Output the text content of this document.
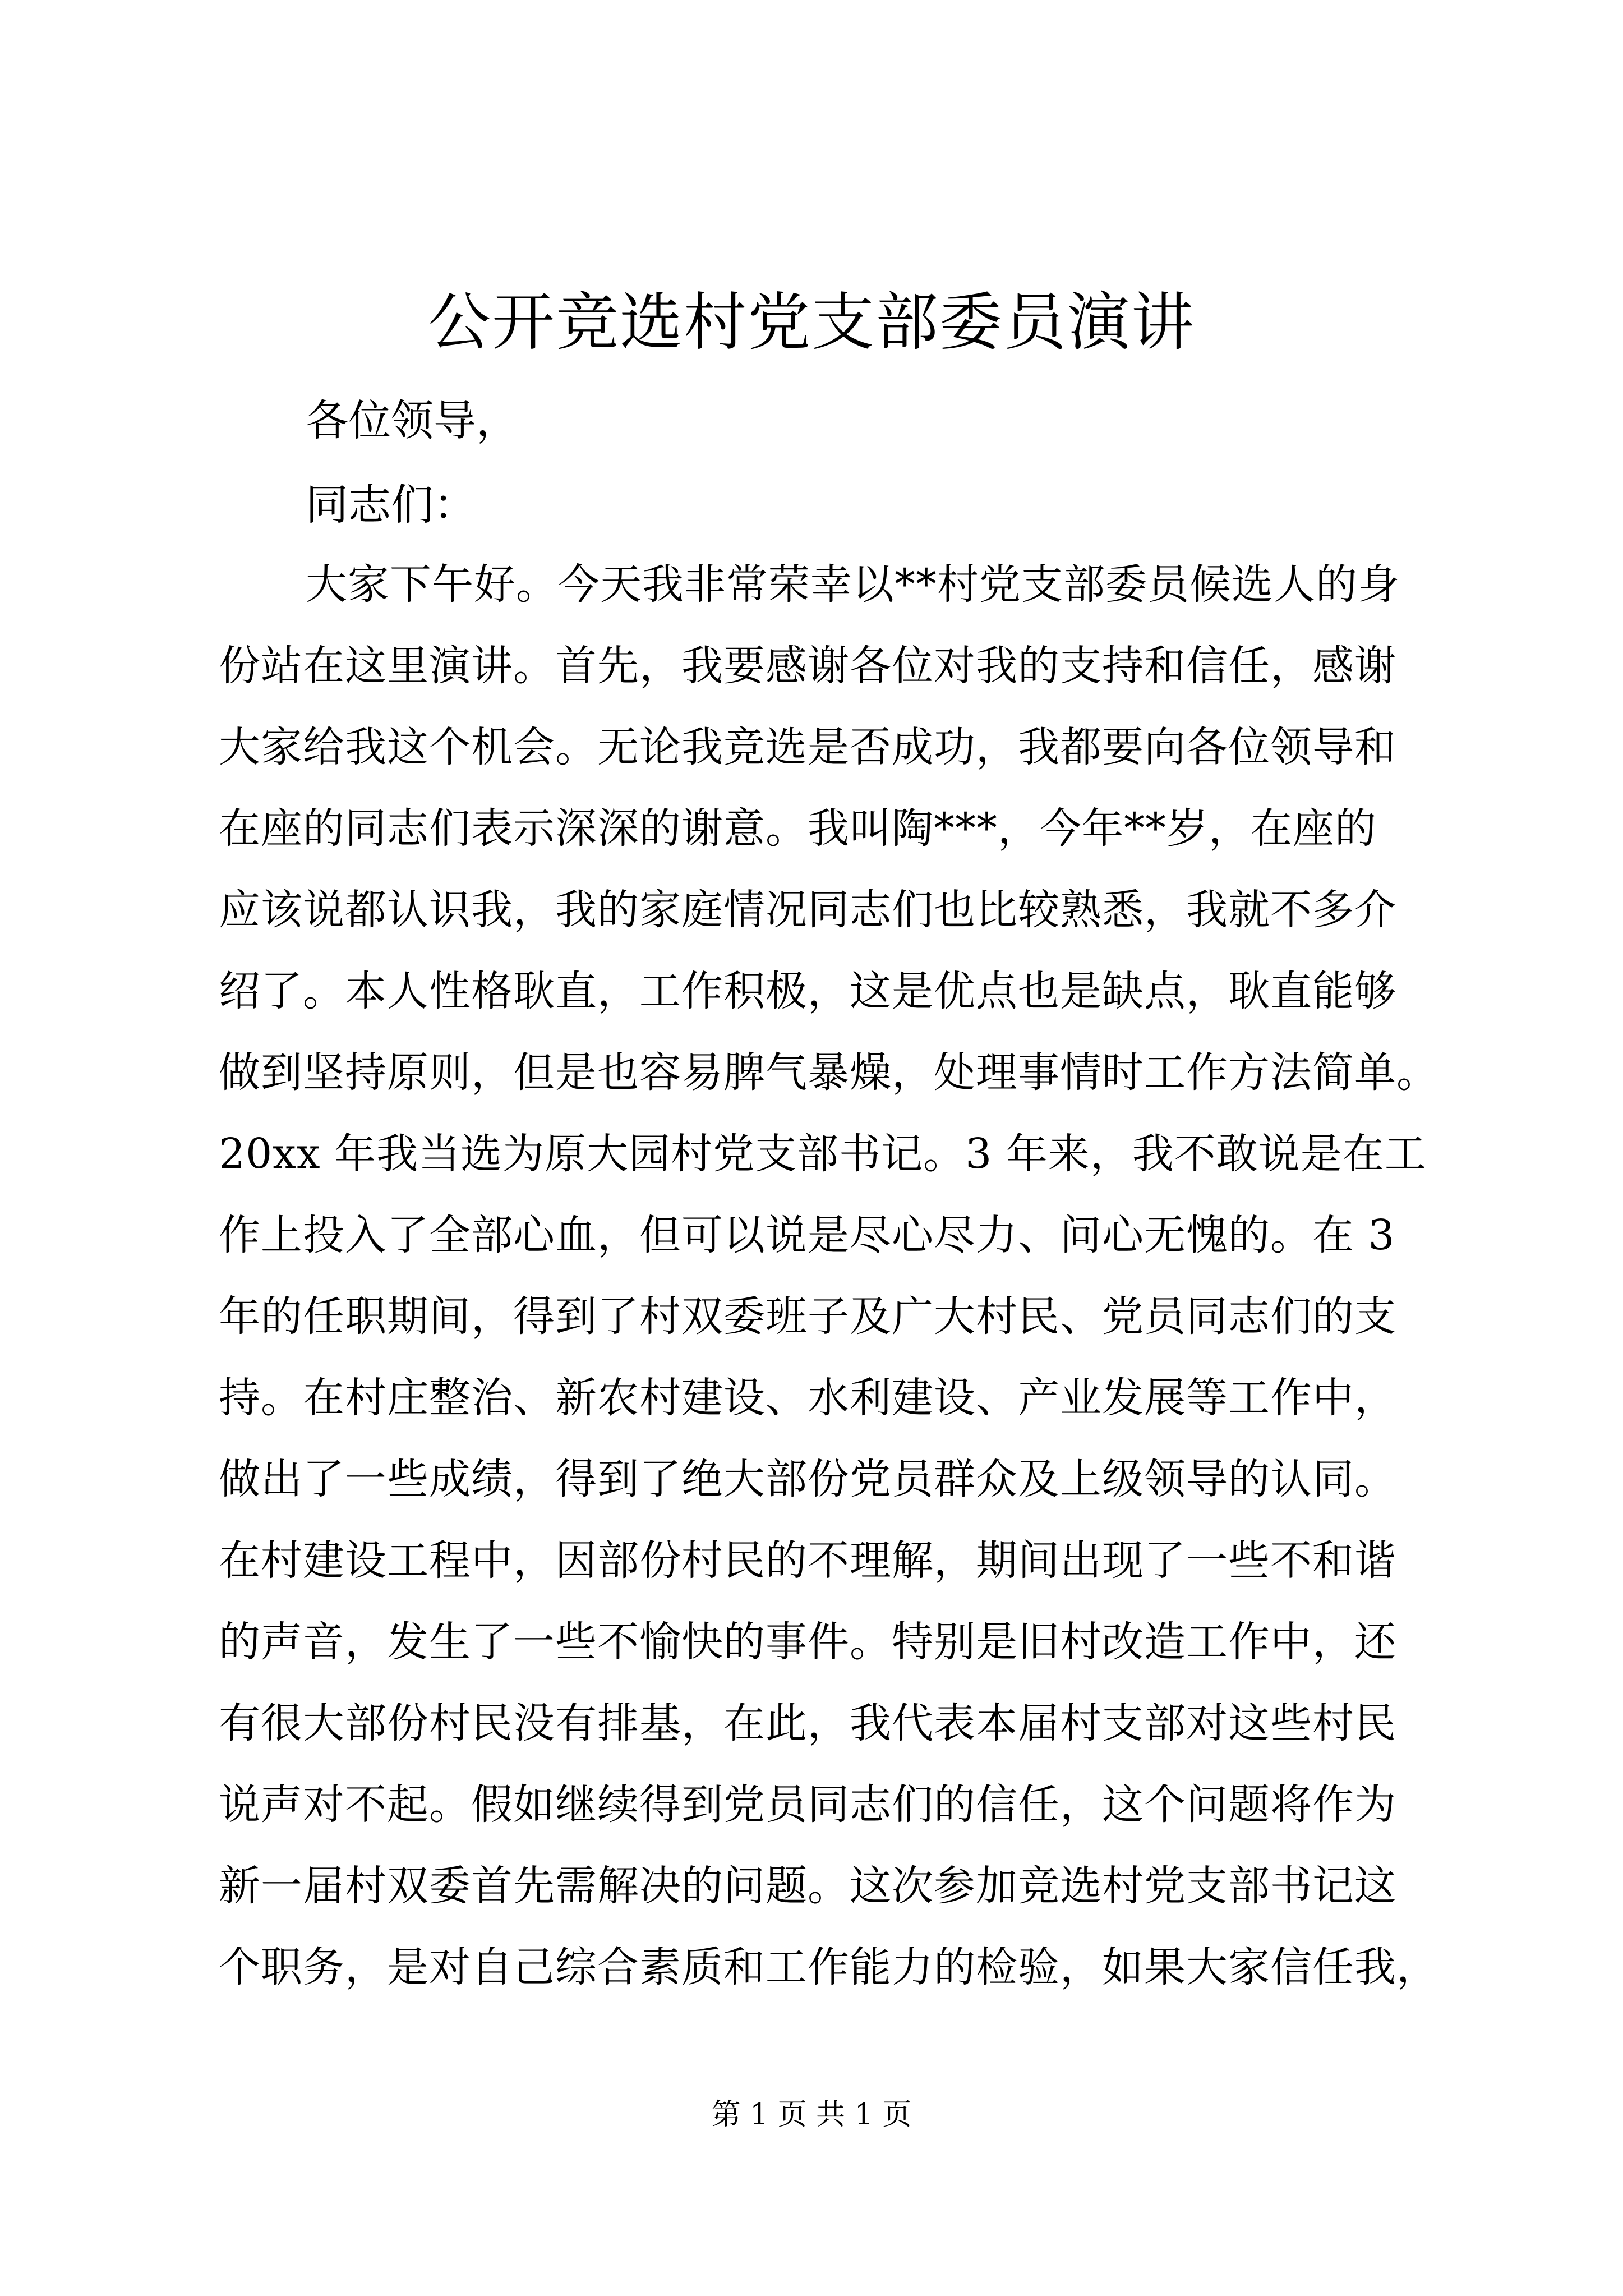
公开竞选村党支部委员演讲

各位领导，

同志们：

大家下午好。今天我非常荣幸以**村党支部委员候选人的身
份站在这里演讲。首先，我要感谢各位对我的支持和信任，感谢
大家给我这个机会。无论我竞选是否成功，我都要向各位领导和
在座的同志们表示深深的谢意。我叫陶***，今年**岁，在座的
应该说都认识我，我的家庭情况同志们也比较熟悉，我就不多介
绍了。本人性格耿直，工作积极，这是优点也是缺点，耿直能够
做到坚持原则，但是也容易脾气暴燥，处理事情时工作方法简单。
20xx 年我当选为原大园村党支部书记。3 年来，我不敢说是在工
作上投入了全部心血，但可以说是尽心尽力、问心无愧的。在 3
年的任职期间，得到了村双委班子及广大村民、党员同志们的支
持。在村庄整治、新农村建设、水利建设、产业发展等工作中，
做出了一些成绩，得到了绝大部份党员群众及上级领导的认同。
在村建设工程中，因部份村民的不理解，期间出现了一些不和谐
的声音，发生了一些不愉快的事件。特别是旧村改造工作中，还
有很大部份村民没有排基，在此，我代表本届村支部对这些村民
说声对不起。假如继续得到党员同志们的信任，这个问题将作为
新一届村双委首先需解决的问题。这次参加竞选村党支部书记这
个职务，是对自己综合素质和工作能力的检验，如果大家信任我，

第 1 页 共 1 页
